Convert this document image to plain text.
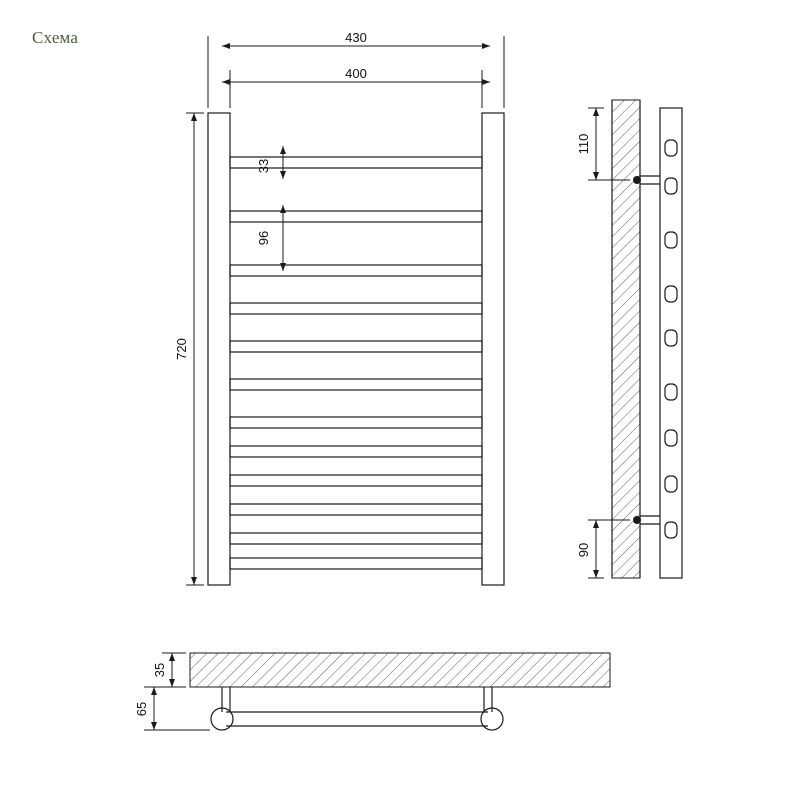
Схема	430
400
720
33
96
110
90
35
65
